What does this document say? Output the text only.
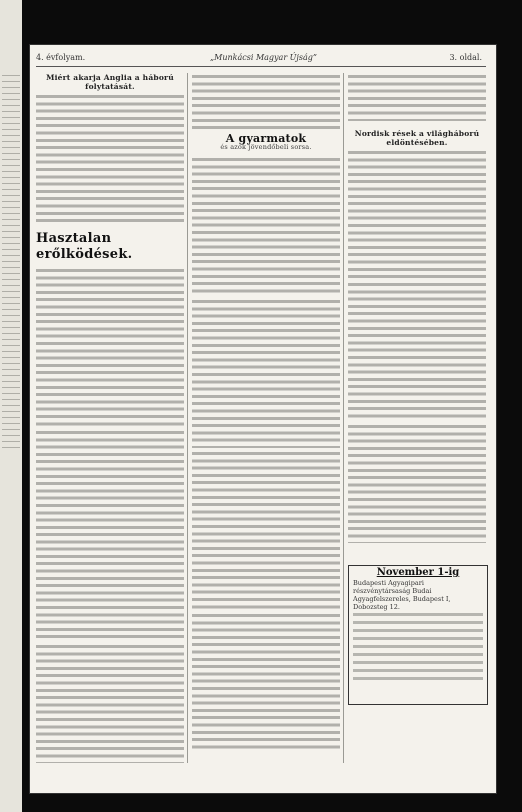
4. évfolyam.	„Munkácsi Magyar Újság”	3. oldal.
Miért akarja Anglia a háború folytatását.
Hasztalan erőlködések.
A gyarmatok
és azok jövendőbeli sorsa.
Nordisk rések a világháború eldöntésében.
November 1-ig
Budapesti Agyagipari részvénytársaság Budai Agyagfelszereles, Budapest I, Dobozsteg 12.
